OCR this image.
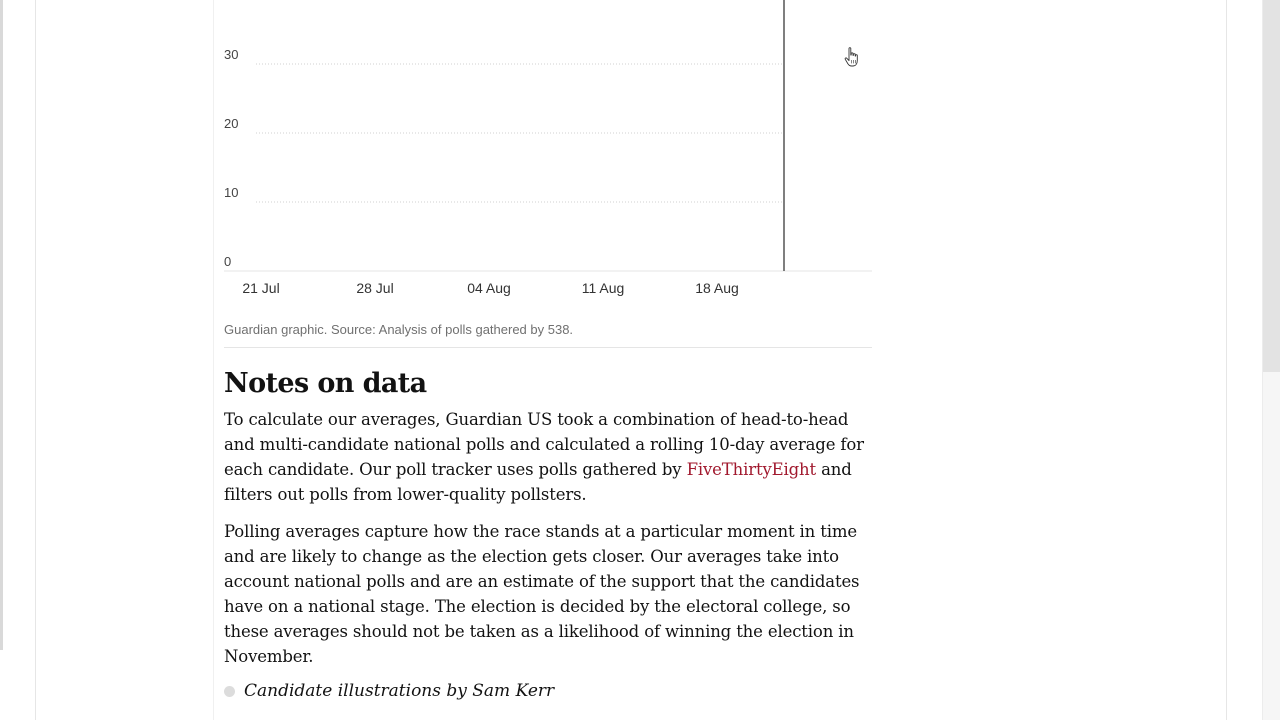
30
20
10
0
21 Jul	28 Jul	04 Aug	11 Aug	18 Aug
Guardian graphic. Source: Analysis of polls gathered by 538.
Notes on data

To calculate our averages, Guardian US took a combination of head-to-head and multi-candidate national polls and calculated a rolling 10-day average for each candidate. Our poll tracker uses polls gathered by FiveThirtyEight and filters out polls from lower-quality pollsters.

Polling averages capture how the race stands at a particular moment in time and are likely to change as the election gets closer. Our averages take into account national polls and are an estimate of the support that the candidates have on a national stage. The election is decided by the electoral college, so these averages should not be taken as a likelihood of winning the election in November.

Candidate illustrations by Sam Kerr
